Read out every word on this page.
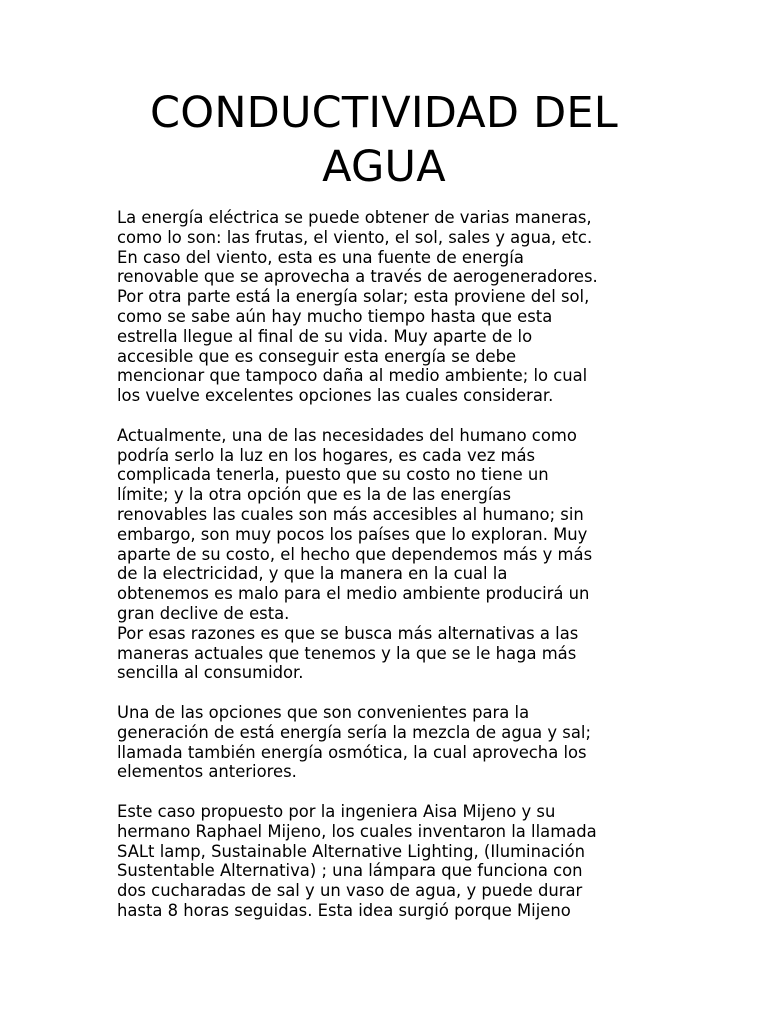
CONDUCTIVIDAD DEL
AGUA
La energía eléctrica se puede obtener de varias maneras,
como lo son: las frutas, el viento, el sol, sales y agua, etc.
En caso del viento, esta es una fuente de energía
renovable que se aprovecha a través de aerogeneradores.
Por otra parte está la energía solar; esta proviene del sol,
como se sabe aún hay mucho tiempo hasta que esta
estrella llegue al final de su vida. Muy aparte de lo
accesible que es conseguir esta energía se debe
mencionar que tampoco daña al medio ambiente; lo cual
los vuelve excelentes opciones las cuales considerar.
Actualmente, una de las necesidades del humano como
podría serlo la luz en los hogares, es cada vez más
complicada tenerla, puesto que su costo no tiene un
límite; y la otra opción que es la de las energías
renovables las cuales son más accesibles al humano; sin
embargo, son muy pocos los países que lo exploran. Muy
aparte de su costo, el hecho que dependemos más y más
de la electricidad, y que la manera en la cual la
obtenemos es malo para el medio ambiente producirá un
gran declive de esta.
Por esas razones es que se busca más alternativas a las
maneras actuales que tenemos y la que se le haga más
sencilla al consumidor.
Una de las opciones que son convenientes para la
generación de está energía sería la mezcla de agua y sal;
llamada también energía osmótica, la cual aprovecha los
elementos anteriores.
Este caso propuesto por la ingeniera Aisa Mijeno y su
hermano Raphael Mijeno, los cuales inventaron la llamada
SALt lamp, Sustainable Alternative Lighting, (Iluminación
Sustentable Alternativa) ; una lámpara que funciona con
dos cucharadas de sal y un vaso de agua, y puede durar
hasta 8 horas seguidas. Esta idea surgió porque Mijeno
